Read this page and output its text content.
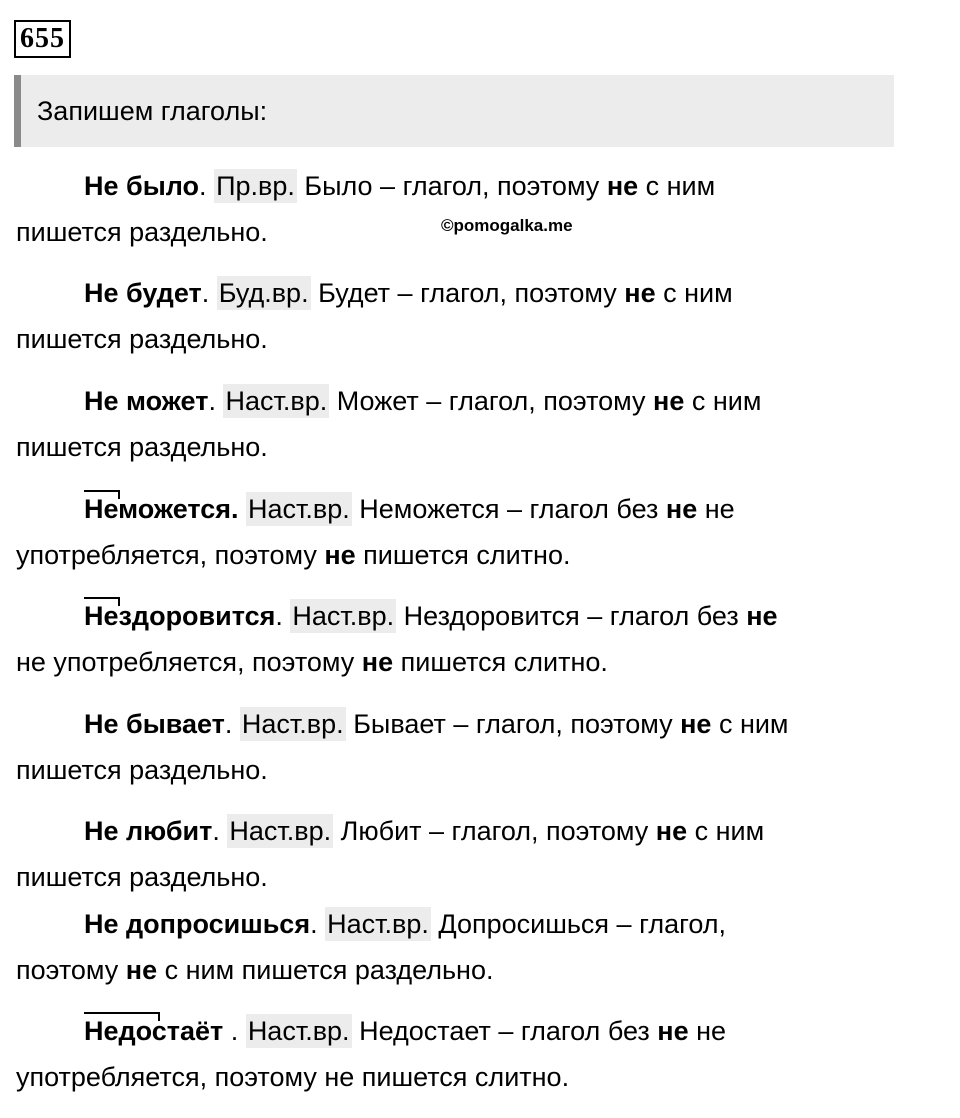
655
Запишем глаголы:
©pomogalka.me
Не было. Пр.вр. Было – глагол, поэтому не с ним
пишется раздельно.
Не будет. Буд.вр. Будет – глагол, поэтому не с ним
пишется раздельно.
Не может. Наст.вр. Может – глагол, поэтому не с ним
пишется раздельно.
Неможется. Наст.вр. Неможется – глагол без не не
употребляется, поэтому не пишется слитно.
Нездоровится. Наст.вр. Нездоровится – глагол без не
не употребляется, поэтому не пишется слитно.
Не бывает. Наст.вр. Бывает – глагол, поэтому не с ним
пишется раздельно.
Не любит. Наст.вр. Любит – глагол, поэтому не с ним
пишется раздельно.
Не допросишься. Наст.вр. Допросишься – глагол,
поэтому не с ним пишется раздельно.
Недостаёт . Наст.вр. Недостает – глагол без не не
употребляется, поэтому не пишется слитно.
